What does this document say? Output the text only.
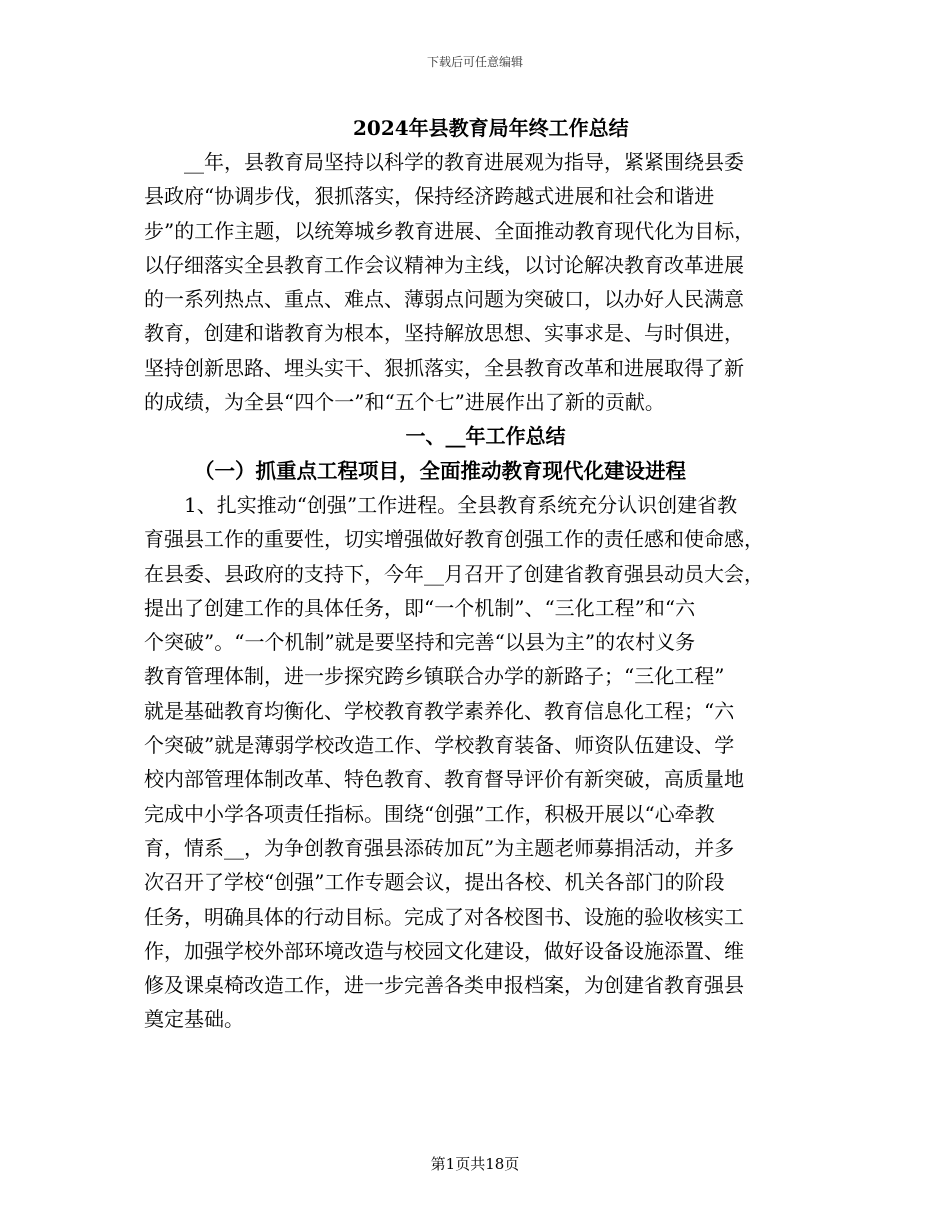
下载后可任意编辑
2024年县教育局年终工作总结
__年，县教育局坚持以科学的教育进展观为指导，紧紧围绕县委
县政府“协调步伐，狠抓落实，保持经济跨越式进展和社会和谐进
步”的工作主题，以统筹城乡教育进展、全面推动教育现代化为目标，
以仔细落实全县教育工作会议精神为主线，以讨论解决教育改革进展
的一系列热点、重点、难点、薄弱点问题为突破口，以办好人民满意
教育，创建和谐教育为根本，坚持解放思想、实事求是、与时俱进，
坚持创新思路、埋头实干、狠抓落实，全县教育改革和进展取得了新
的成绩，为全县“四个一”和“五个七”进展作出了新的贡献。
一、__年工作总结
（一）抓重点工程项目，全面推动教育现代化建设进程
1、扎实推动“创强”工作进程。全县教育系统充分认识创建省教
育强县工作的重要性，切实增强做好教育创强工作的责任感和使命感，
在县委、县政府的支持下，今年__月召开了创建省教育强县动员大会，
提出了创建工作的具体任务，即“一个机制”、“三化工程”和“六
个突破”。“一个机制”就是要坚持和完善“以县为主”的农村义务
教育管理体制，进一步探究跨乡镇联合办学的新路子；“三化工程”
就是基础教育均衡化、学校教育教学素养化、教育信息化工程；“六
个突破”就是薄弱学校改造工作、学校教育装备、师资队伍建设、学
校内部管理体制改革、特色教育、教育督导评价有新突破，高质量地
完成中小学各项责任指标。围绕“创强”工作，积极开展以“心牵教
育，情系__，为争创教育强县添砖加瓦”为主题老师募捐活动，并多
次召开了学校“创强”工作专题会议，提出各校、机关各部门的阶段
任务，明确具体的行动目标。完成了对各校图书、设施的验收核实工
作，加强学校外部环境改造与校园文化建设，做好设备设施添置、维
修及课桌椅改造工作，进一步完善各类申报档案，为创建省教育强县
奠定基础。
第1页共18页
